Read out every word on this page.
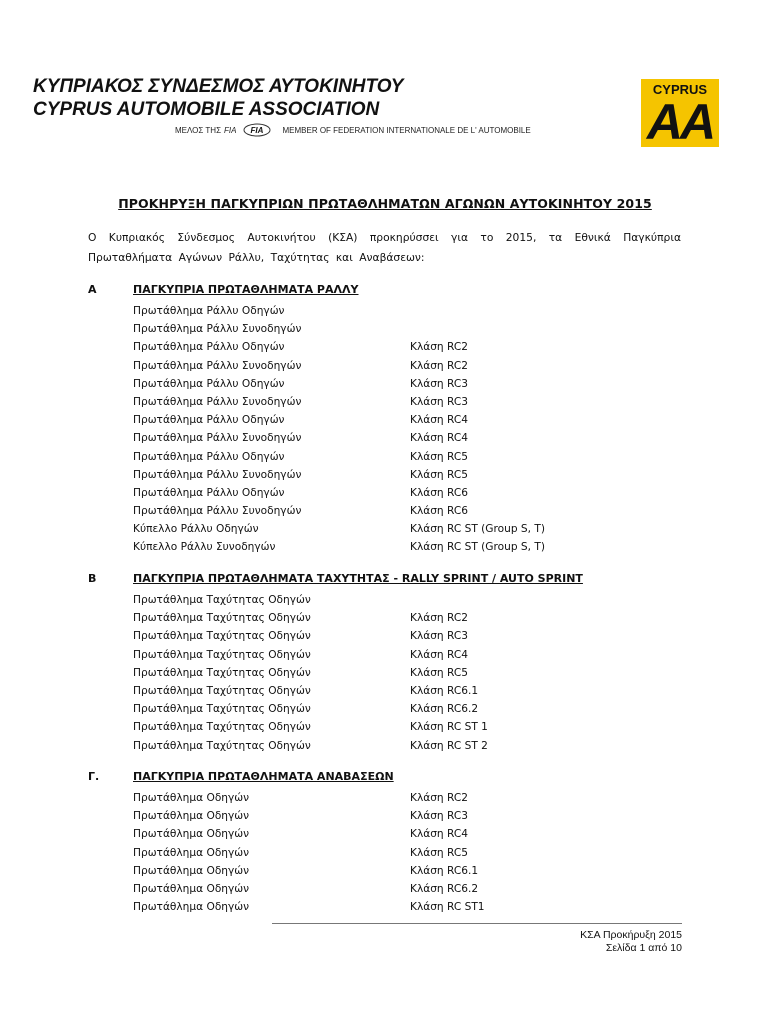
ΚΥΠΡΙΑΚΟΣ ΣΥΝΔΕΣΜΟΣ ΑΥΤΟΚΙΝΗΤΟΥ
CYPRUS AUTOMOBILE ASSOCIATION
ΜΕΛΟΣ ΤΗΣ FIA FIA MEMBER OF FEDERATION INTERNATIONALE DE L' AUTOMOBILE
CYPRUS
AA
ΠΡΟΚΗΡΥΞΗ ΠΑΓΚΥΠΡΙΩΝ ΠΡΩΤΑΘΛΗΜΑΤΩΝ ΑΓΩΝΩΝ ΑΥΤΟΚΙΝΗΤΟΥ 2015
Ο Κυπριακός Σύνδεσμος Αυτοκινήτου (ΚΣΑ) προκηρύσσει για το 2015, τα Εθνικά Παγκύπρια Πρωταθλήματα Αγώνων Ράλλυ, Ταχύτητας και Αναβάσεων:
Α	ΠΑΓΚΥΠΡΙΑ ΠΡΩΤΑΘΛΗΜΑΤΑ ΡΑΛΛΥ
Πρωτάθλημα Ράλλυ Οδηγών
Πρωτάθλημα Ράλλυ Συνοδηγών
Πρωτάθλημα Ράλλυ Οδηγών	Κλάση RC2
Πρωτάθλημα Ράλλυ Συνοδηγών	Κλάση RC2
Πρωτάθλημα Ράλλυ Οδηγών	Κλάση RC3
Πρωτάθλημα Ράλλυ Συνοδηγών	Κλάση RC3
Πρωτάθλημα Ράλλυ Οδηγών	Κλάση RC4
Πρωτάθλημα Ράλλυ Συνοδηγών	Κλάση RC4
Πρωτάθλημα Ράλλυ Οδηγών	Κλάση RC5
Πρωτάθλημα Ράλλυ Συνοδηγών	Κλάση RC5
Πρωτάθλημα Ράλλυ Οδηγών	Κλάση RC6
Πρωτάθλημα Ράλλυ Συνοδηγών	Κλάση RC6
Κύπελλο Ράλλυ Οδηγών	Κλάση RC ST (Group S, T)
Κύπελλο Ράλλυ Συνοδηγών	Κλάση RC ST (Group S, T)
Β	ΠΑΓΚΥΠΡΙΑ ΠΡΩΤΑΘΛΗΜΑΤΑ ΤΑΧΥΤΗΤΑΣ - RALLY SPRINT / AUTO SPRINT
Πρωτάθλημα Ταχύτητας Οδηγών
Πρωτάθλημα Ταχύτητας Οδηγών	Κλάση RC2
Πρωτάθλημα Ταχύτητας Οδηγών	Κλάση RC3
Πρωτάθλημα Ταχύτητας Οδηγών	Κλάση RC4
Πρωτάθλημα Ταχύτητας Οδηγών	Κλάση RC5
Πρωτάθλημα Ταχύτητας Οδηγών	Κλάση RC6.1
Πρωτάθλημα Ταχύτητας Οδηγών	Κλάση RC6.2
Πρωτάθλημα Ταχύτητας Οδηγών	Κλάση RC ST 1
Πρωτάθλημα Ταχύτητας Οδηγών	Κλάση RC ST 2
Γ.	ΠΑΓΚΥΠΡΙΑ ΠΡΩΤΑΘΛΗΜΑΤΑ ΑΝΑΒΑΣΕΩΝ
Πρωτάθλημα Οδηγών	Κλάση RC2
Πρωτάθλημα Οδηγών	Κλάση RC3
Πρωτάθλημα Οδηγών	Κλάση RC4
Πρωτάθλημα Οδηγών	Κλάση RC5
Πρωτάθλημα Οδηγών	Κλάση RC6.1
Πρωτάθλημα Οδηγών	Κλάση RC6.2
Πρωτάθλημα Οδηγών	Κλάση RC ST1
ΚΣΑ Προκήρυξη 2015
Σελίδα 1 από 10
